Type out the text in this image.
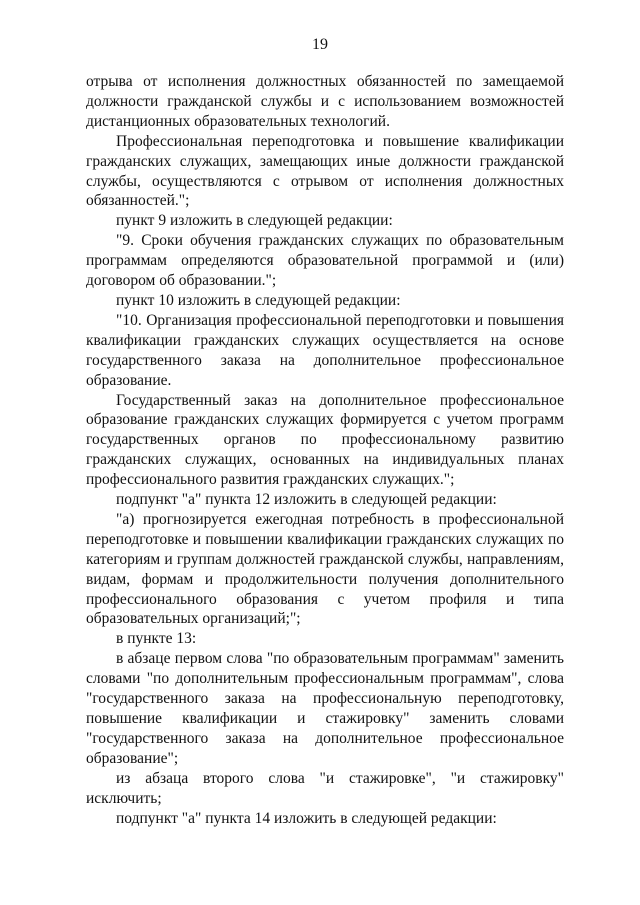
19

отрыва от исполнения должностных обязанностей по замещаемой должности гражданской службы и с использованием возможностей дистанционных образовательных технологий.

Профессиональная переподготовка и повышение квалификации гражданских служащих, замещающих иные должности гражданской службы, осуществляются с отрывом от исполнения должностных обязанностей.";

пункт 9 изложить в следующей редакции:

"9. Сроки обучения гражданских служащих по образовательным программам определяются образовательной программой и (или) договором об образовании.";

пункт 10 изложить в следующей редакции:

"10. Организация профессиональной переподготовки и повышения квалификации гражданских служащих осуществляется на основе государственного заказа на дополнительное профессиональное образование.

Государственный заказ на дополнительное профессиональное образование гражданских служащих формируется с учетом программ государственных органов по профессиональному развитию гражданских служащих, основанных на индивидуальных планах профессионального развития гражданских служащих.";

подпункт "а" пункта 12 изложить в следующей редакции:

"а) прогнозируется ежегодная потребность в профессиональной переподготовке и повышении квалификации гражданских служащих по категориям и группам должностей гражданской службы, направлениям, видам, формам и продолжительности получения дополнительного профессионального образования с учетом профиля и типа образовательных организаций;";

в пункте 13:

в абзаце первом слова "по образовательным программам" заменить словами "по дополнительным профессиональным программам", слова "государственного заказа на профессиональную переподготовку, повышение квалификации и стажировку" заменить словами "государственного заказа на дополнительное профессиональное образование";

из абзаца второго слова "и стажировке", "и стажировку" исключить;

подпункт "а" пункта 14 изложить в следующей редакции:
